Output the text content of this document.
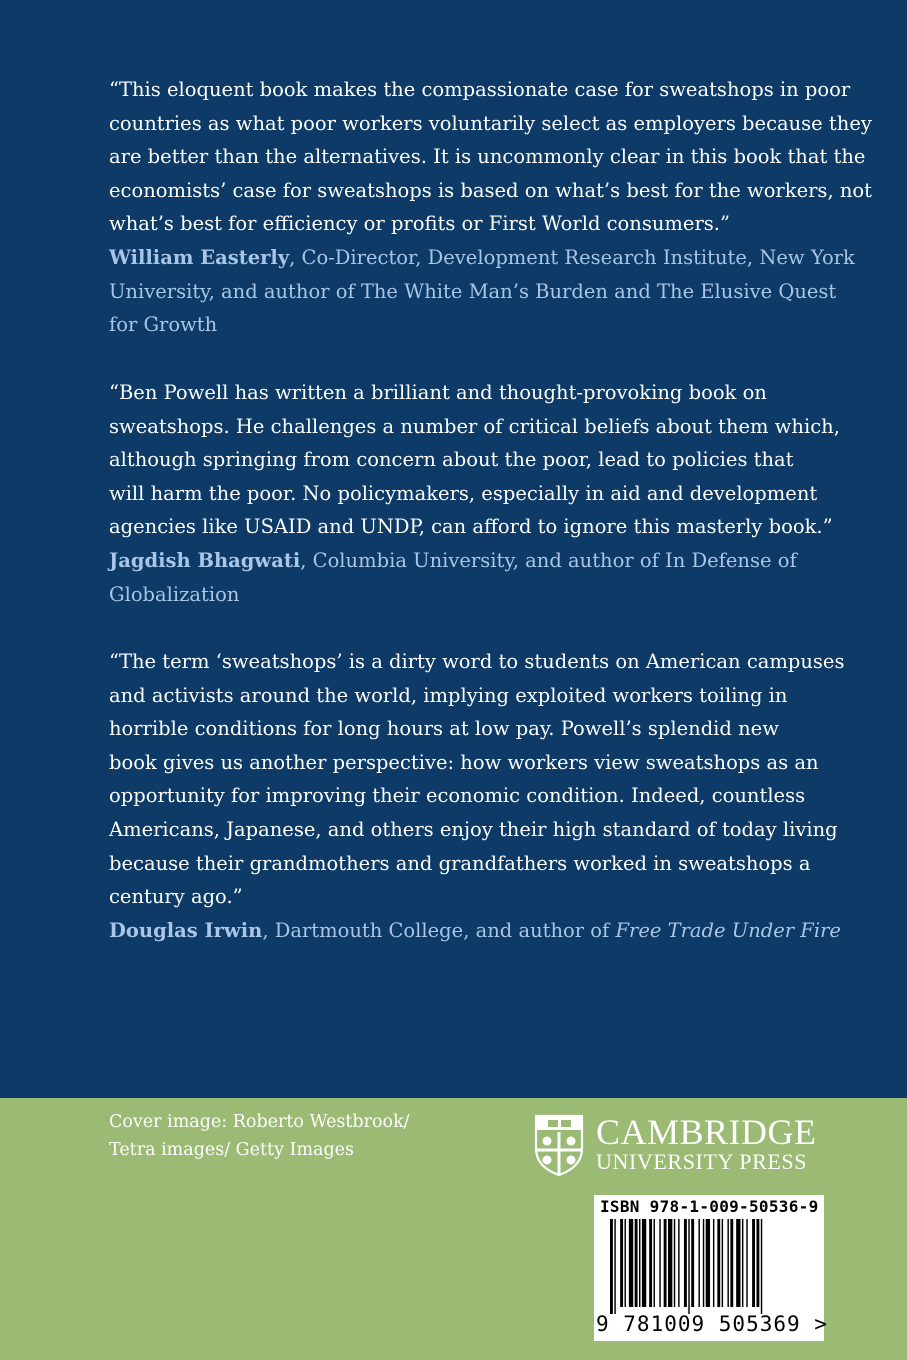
“This eloquent book makes the compassionate case for sweatshops in poor
countries as what poor workers voluntarily select as employers because they
are better than the alternatives. It is uncommonly clear in this book that the
economists’ case for sweatshops is based on what’s best for the workers, not
what’s best for efficiency or profits or First World consumers.”
William Easterly, Co-Director, Development Research Institute, New York
University, and author of The White Man’s Burden and The Elusive Quest
for Growth
“Ben Powell has written a brilliant and thought-provoking book on
sweatshops. He challenges a number of critical beliefs about them which,
although springing from concern about the poor, lead to policies that
will harm the poor. No policymakers, especially in aid and development
agencies like USAID and UNDP, can afford to ignore this masterly book.”
Jagdish Bhagwati, Columbia University, and author of In Defense of
Globalization
“The term ‘sweatshops’ is a dirty word to students on American campuses
and activists around the world, implying exploited workers toiling in
horrible conditions for long hours at low pay. Powell’s splendid new
book gives us another perspective: how workers view sweatshops as an
opportunity for improving their economic condition. Indeed, countless
Americans, Japanese, and others enjoy their high standard of today living
because their grandmothers and grandfathers worked in sweatshops a
century ago.”
Douglas Irwin, Dartmouth College, and author of Free Trade Under Fire
Cover image: Roberto Westbrook/
Tetra images/ Getty Images	CAMBRIDGE
UNIVERSITY PRESS
ISBN 978-1-009-50536-9
9 781009 505369 >
